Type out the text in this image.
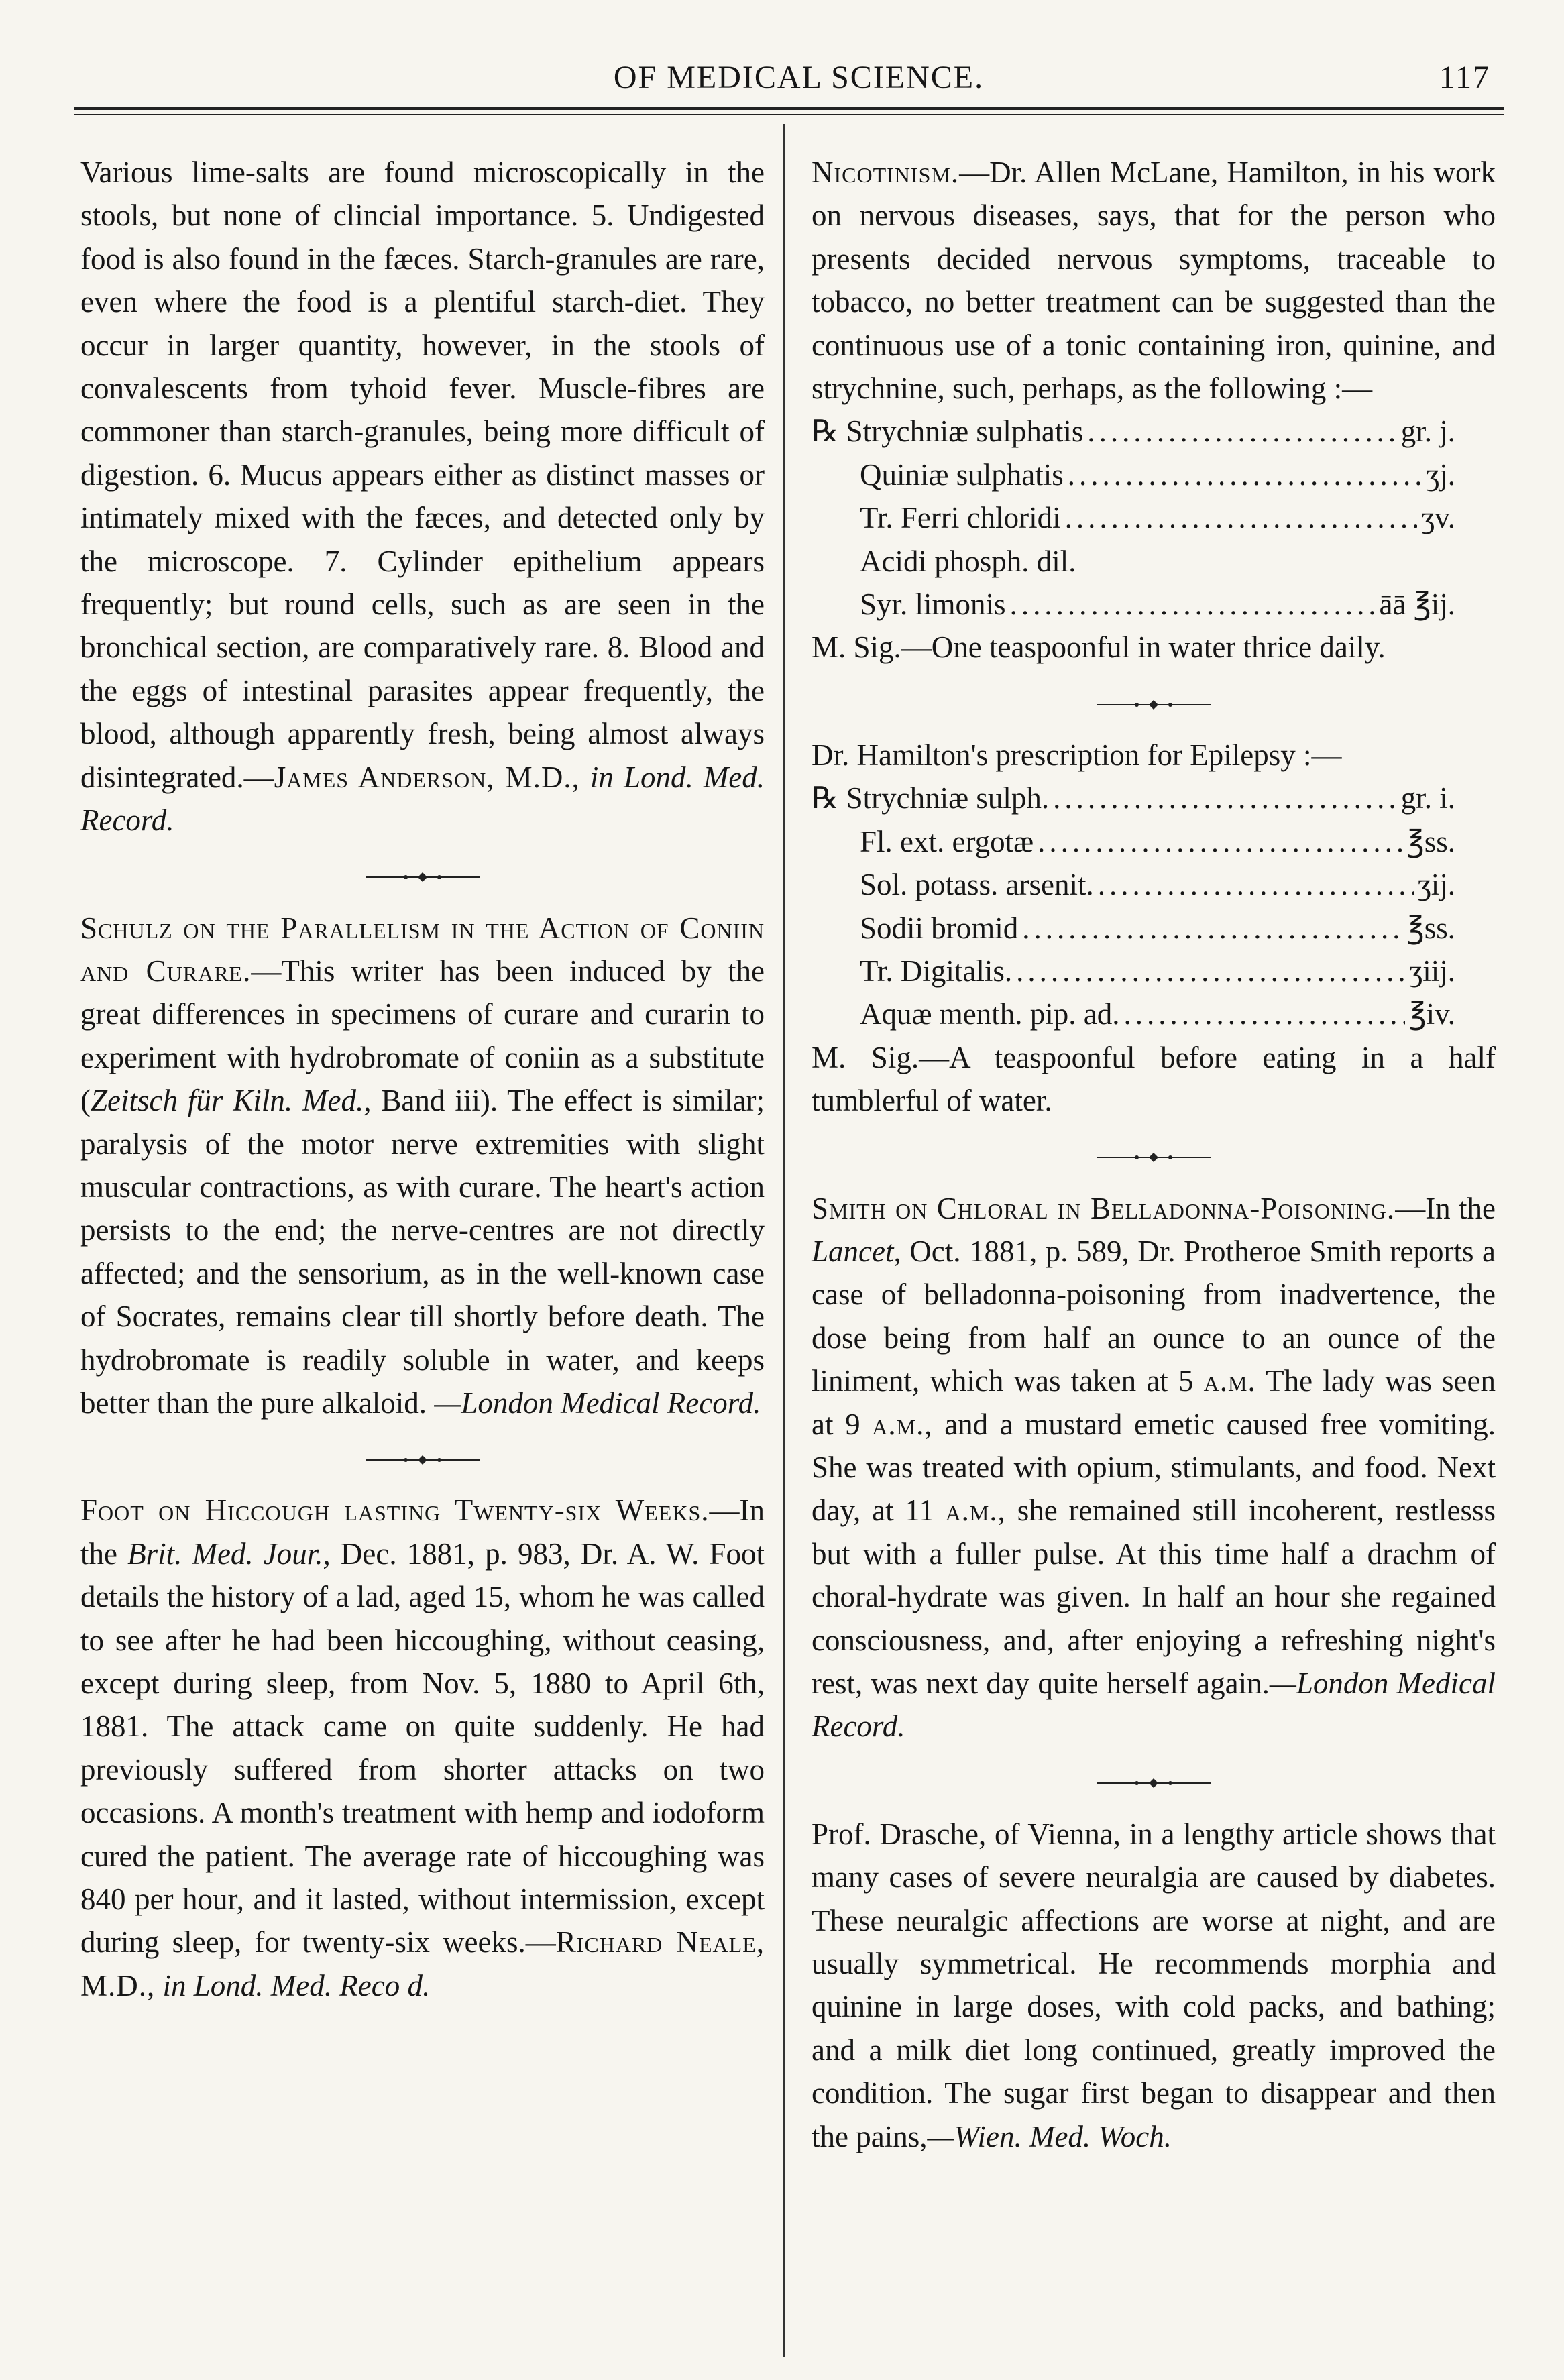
OF MEDICAL SCIENCE.	117

Various lime-salts are found microscopically in the stools, but none of clincial importance. 5. Undigested food is also found in the fæces. Starch-granules are rare, even where the food is a plentiful starch-diet. They occur in larger quantity, however, in the stools of convalescents from tyhoid fever. Muscle-fibres are commoner than starch-granules, being more difficult of digestion. 6. Mucus appears either as distinct masses or intimately mixed with the fæces, and detected only by the microscope. 7. Cylinder epithelium appears frequently; but round cells, such as are seen in the bronchical section, are comparatively rare. 8. Blood and the eggs of intestinal parasites appear frequently, the blood, although apparently fresh, being almost always disintegrated.—James Anderson, M.D., in Lond. Med. Record.

Schulz on the Parallelism in the Action of Coniin and Curare.—This writer has been induced by the great differences in specimens of curare and curarin to experiment with hydrobromate of coniin as a substitute (Zeitsch für Kiln. Med., Band iii). The effect is similar; paralysis of the motor nerve extremities with slight muscular contractions, as with curare. The heart's action persists to the end; the nerve-centres are not directly affected; and the sensorium, as in the well-known case of Socrates, remains clear till shortly before death. The hydrobromate is readily soluble in water, and keeps better than the pure alkaloid. —London Medical Record.

Foot on Hiccough lasting Twenty-six Weeks.—In the Brit. Med. Jour., Dec. 1881, p. 983, Dr. A. W. Foot details the history of a lad, aged 15, whom he was called to see after he had been hiccoughing, without ceasing, except during sleep, from Nov. 5, 1880 to April 6th, 1881. The attack came on quite suddenly. He had previously suffered from shorter attacks on two occasions. A month's treatment with hemp and iodoform cured the patient. The average rate of hiccoughing was 840 per hour, and it lasted, without intermission, except during sleep, for twenty-six weeks.—Richard Neale, M.D., in Lond. Med. Reco d.

Nicotinism.—Dr. Allen McLane, Hamilton, in his work on nervous diseases, says, that for the person who presents decided nervous symptoms, traceable to tobacco, no better treatment can be suggested than the continuous use of a tonic containing iron, quinine, and strychnine, such, perhaps, as the following :—

℞ Strychniæ sulphatis .....	gr. j.
Quiniæ sulphatis .....	ʒj.
Tr. Ferri chloridi .....	ʒv.
Acidi phosph. dil.
Syr. limonis .....	āā ℥ij.

M. Sig.—One teaspoonful in water thrice daily.

Dr. Hamilton's prescription for Epilepsy :—

℞ Strychniæ sulph. .....	gr. i.
Fl. ext. ergotæ .....	℥ss.
Sol. potass. arsenit. .....	ʒij.
Sodii bromid .....	℥ss.
Tr. Digitalis. .....	ʒiij.
Aquæ menth. pip. ad. .....	℥iv.

M. Sig.—A teaspoonful before eating in a half tumblerful of water.

Smith on Chloral in Belladonna-Poisoning.—In the Lancet, Oct. 1881, p. 589, Dr. Protheroe Smith reports a case of belladonna-poisoning from inadvertence, the dose being from half an ounce to an ounce of the liniment, which was taken at 5 a.m. The lady was seen at 9 a.m., and a mustard emetic caused free vomiting. She was treated with opium, stimulants, and food. Next day, at 11 a.m., she remained still incoherent, restlesss but with a fuller pulse. At this time half a drachm of choral-hydrate was given. In half an hour she regained consciousness, and, after enjoying a refreshing night's rest, was next day quite herself again.—London Medical Record.

Prof. Drasche, of Vienna, in a lengthy article shows that many cases of severe neuralgia are caused by diabetes. These neuralgic affections are worse at night, and are usually symmetrical. He recommends morphia and quinine in large doses, with cold packs, and bathing; and a milk diet long continued, greatly improved the condition. The sugar first began to disappear and then the pains,—Wien. Med. Woch.
